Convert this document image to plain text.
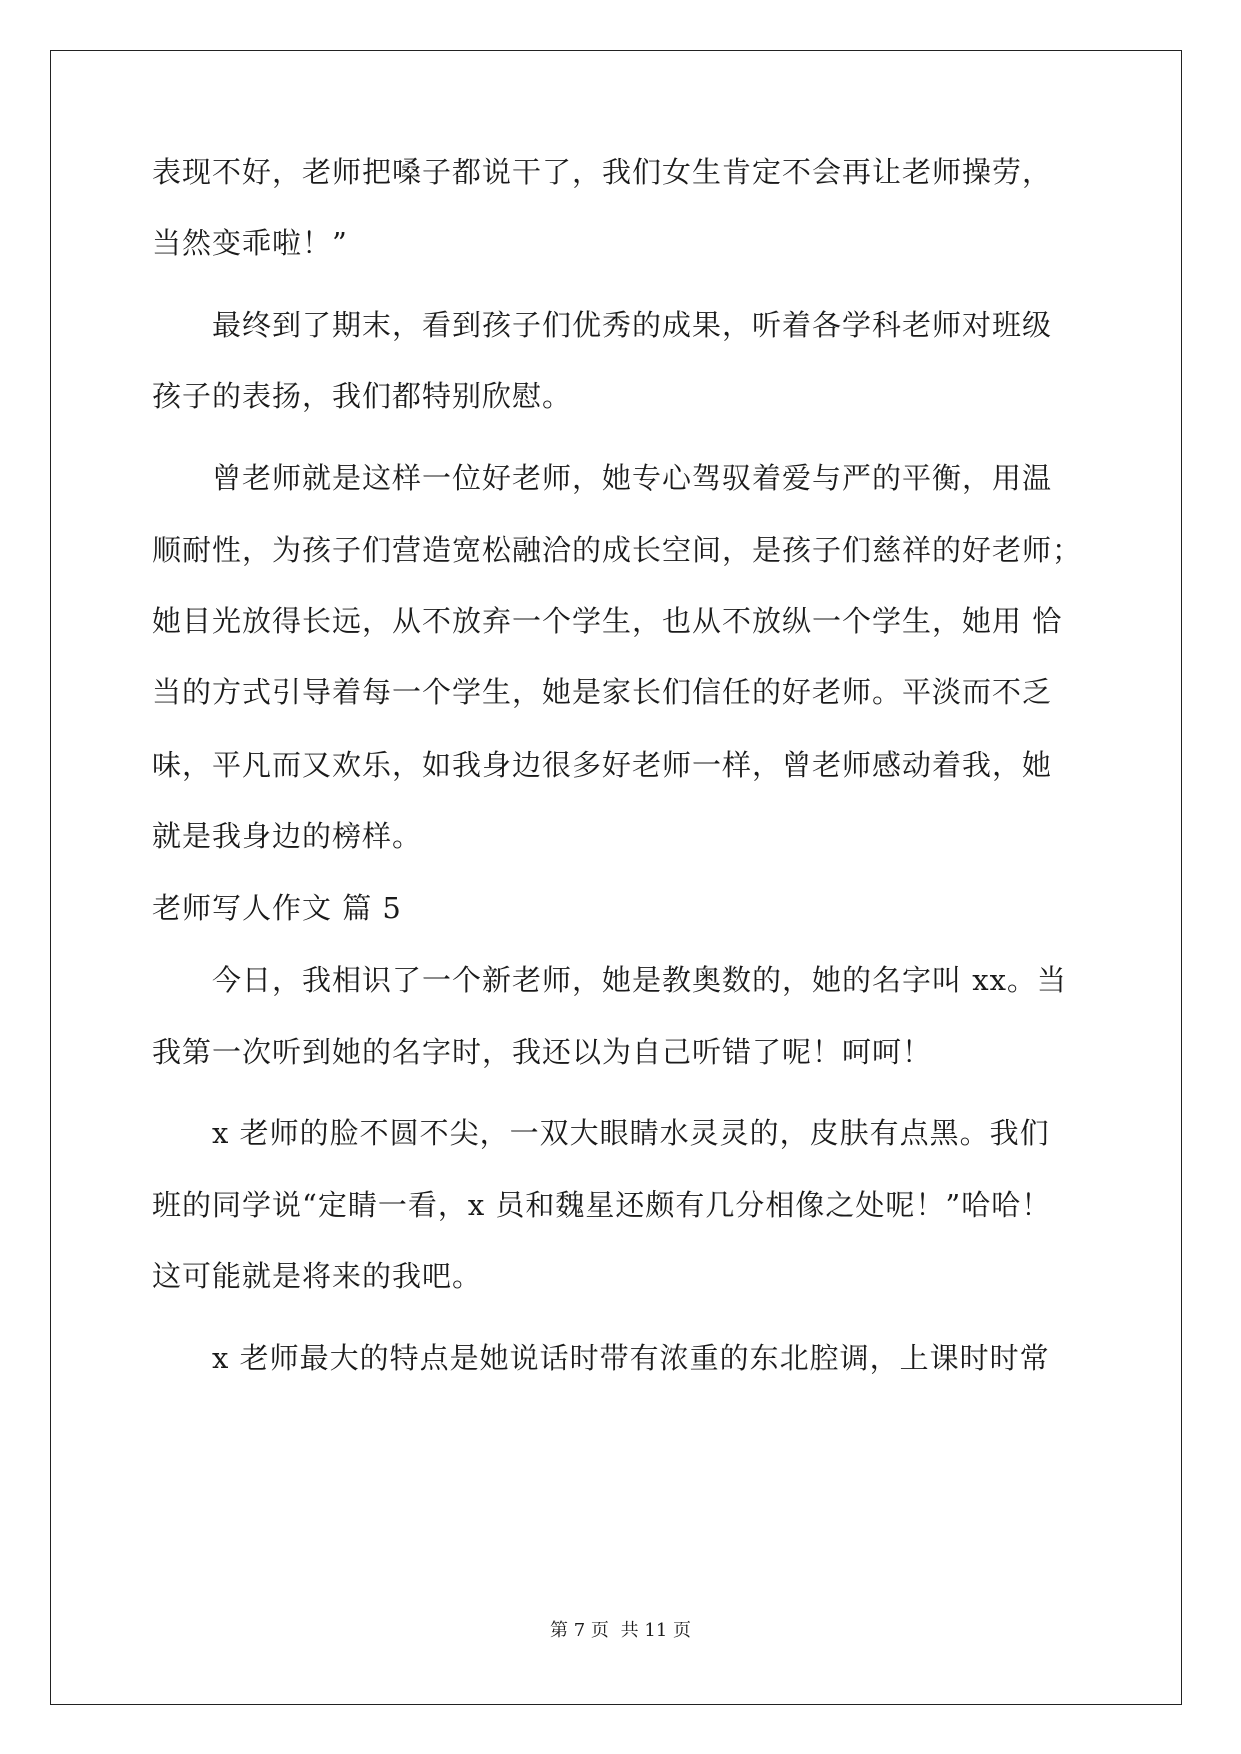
表现不好，老师把嗓子都说干了，我们女生肯定不会再让老师操劳，
当然变乖啦！”
　　最终到了期末，看到孩子们优秀的成果，听着各学科老师对班级
孩子的表扬，我们都特别欣慰。
　　曾老师就是这样一位好老师，她专心驾驭着爱与严的平衡，用温
顺耐性，为孩子们营造宽松融洽的成长空间，是孩子们慈祥的好老师；
她目光放得长远，从不放弃一个学生，也从不放纵一个学生，她用 恰
当的方式引导着每一个学生，她是家长们信任的好老师。平淡而不乏
味，平凡而又欢乐，如我身边很多好老师一样，曾老师感动着我，她
就是我身边的榜样。
老师写人作文 篇 5
　　今日，我相识了一个新老师，她是教奥数的，她的名字叫 xx。当
我第一次听到她的名字时，我还以为自己听错了呢！呵呵！
　　x 老师的脸不圆不尖，一双大眼睛水灵灵的，皮肤有点黑。我们
班的同学说“定睛一看，x 员和魏星还颇有几分相像之处呢！”哈哈！
这可能就是将来的我吧。
　　x 老师最大的特点是她说话时带有浓重的东北腔调，上课时时常
第 7 页 共 11 页
